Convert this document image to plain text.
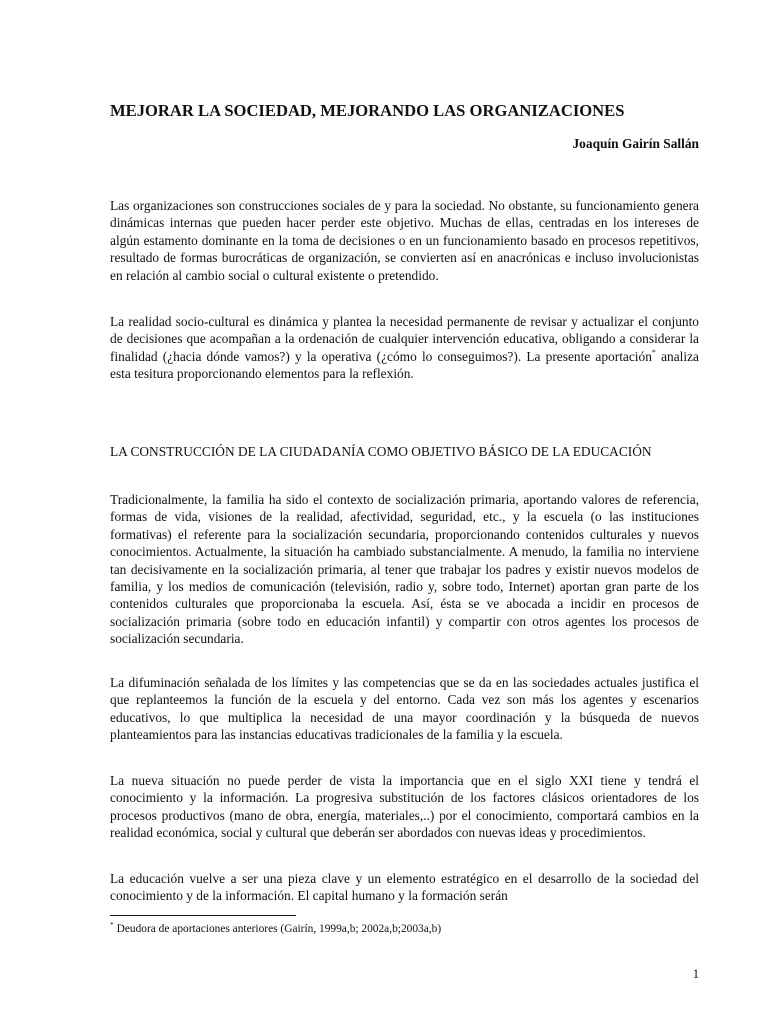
MEJORAR LA SOCIEDAD, MEJORANDO LAS ORGANIZACIONES
Joaquín Gairín Sallán

Las organizaciones son construcciones sociales de y para la sociedad. No obstante, su funcionamiento genera dinámicas internas que pueden hacer perder este objetivo. Muchas de ellas, centradas en los intereses de algún estamento dominante en la toma de decisiones o en un funcionamiento basado en procesos repetitivos, resultado de formas burocráticas de organización, se convierten así en anacrónicas e incluso involucionistas en relación al cambio social o cultural existente o pretendido.

La realidad socio-cultural es dinámica y plantea la necesidad permanente de revisar y actualizar el conjunto de decisiones que acompañan a la ordenación de cualquier intervención educativa, obligando a considerar la finalidad (¿hacia dónde vamos?) y la operativa (¿cómo lo conseguimos?). La presente aportación* analiza esta tesitura proporcionando elementos para la reflexión.

LA CONSTRUCCIÓN DE LA CIUDADANÍA COMO OBJETIVO BÁSICO DE LA EDUCACIÓN

Tradicionalmente, la familia ha sido el contexto de socialización primaria, aportando valores de referencia, formas de vida, visiones de la realidad, afectividad, seguridad, etc., y la escuela (o las instituciones formativas) el referente para la socialización secundaria, proporcionando contenidos culturales y nuevos conocimientos. Actualmente, la situación ha cambiado substancialmente. A menudo, la familia no interviene tan decisivamente en la socialización primaria, al tener que trabajar los padres y existir nuevos modelos de familia, y los medios de comunicación (televisión, radio y, sobre todo, Internet) aportan gran parte de los contenidos culturales que proporcionaba la escuela. Así, ésta se ve abocada a incidir en procesos de socialización primaria (sobre todo en educación infantil) y compartir con otros agentes los procesos de socialización secundaria.

La difuminación señalada de los límites y las competencias que se da en las sociedades actuales justifica el que replanteemos la función de la escuela y del entorno. Cada vez son más los agentes y escenarios educativos, lo que multiplica la necesidad de una mayor coordinación y la búsqueda de nuevos planteamientos para las instancias educativas tradicionales de la familia y la escuela.

La nueva situación no puede perder de vista la importancia que en el siglo XXI tiene y tendrá el conocimiento y la información. La progresiva substitución de los factores clásicos orientadores de los procesos productivos (mano de obra, energía, materiales,..) por el conocimiento, comportará cambios en la realidad económica, social y cultural que deberán ser abordados con nuevas ideas y procedimientos.

La educación vuelve a ser una pieza clave y un elemento estratégico en el desarrollo de la sociedad del conocimiento y de la información. El capital humano y la formación serán

* Deudora de aportaciones anteriores (Gairín, 1999a,b; 2002a,b;2003a,b)
1
